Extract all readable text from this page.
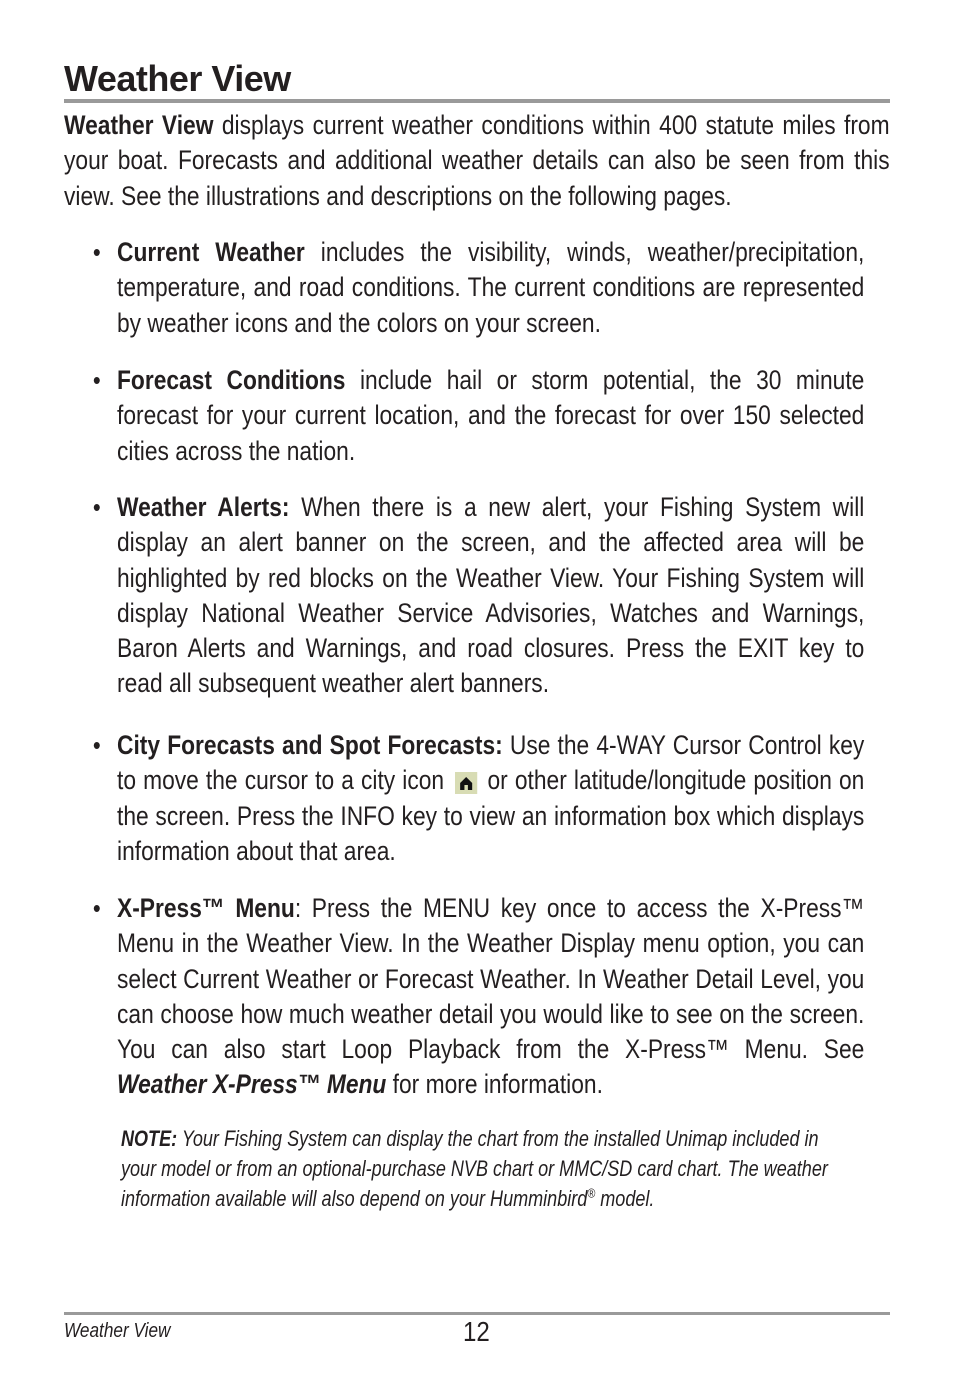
Weather View
Weather View displays current weather conditions within 400 statute miles from your boat. Forecasts and additional weather details can also be seen from this view. See the illustrations and descriptions on the following pages.
• Current Weather includes the visibility, winds, weather/precipitation, temperature, and road conditions. The current conditions are represented by weather icons and the colors on your screen.
• Forecast Conditions include hail or storm potential, the 30 minute forecast for your current location, and the forecast for over 150 selected cities across the nation.
• Weather Alerts: When there is a new alert, your Fishing System will display an alert banner on the screen, and the affected area will be highlighted by red blocks on the Weather View. Your Fishing System will display National Weather Service Advisories, Watches and Warnings, Baron Alerts and Warnings, and road closures. Press the EXIT key to read all subsequent weather alert banners.
• City Forecasts and Spot Forecasts: Use the 4-WAY Cursor Control key to move the cursor to a city icon  or other latitude/longitude position on the screen. Press the INFO key to view an information box which displays information about that area.
• X-Press™ Menu: Press the MENU key once to access the X-Press™ Menu in the Weather View. In the Weather Display menu option, you can select Current Weather or Forecast Weather. In Weather Detail Level, you can choose how much weather detail you would like to see on the screen. You can also start Loop Playback from the X-Press™ Menu. See Weather X-Press™ Menu for more information.
NOTE: Your Fishing System can display the chart from the installed Unimap included in your model or from an optional-purchase NVB chart or MMC/SD card chart. The weather information available will also depend on your Humminbird® model.
Weather View	12
